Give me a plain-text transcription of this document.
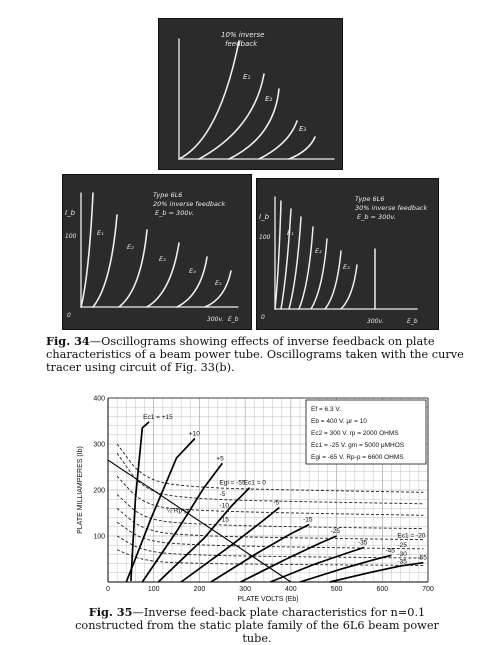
10% inverse
feedback
E₁
E₂
E₃
Type 6L6
20% inverse feedback
E_b = 300v.
I_b
100
0
300v. E_b
E₁
E₂
E₃
E₄
E₅
Type 6L6
30% inverse feedback
E_b = 300v.
I_b
100
0
300v.	E_b
E₁
E₂
E₃
Fig. 34—Oscillograms showing effects of inverse feedback on plate characteristics of a beam power tube. Oscillograms taken with the curve tracer using circuit of Fig. 33(b).
½ Rp-p
0	100	200	300	400	500	600	700
100
200
300
400
PLATE VOLTS (Eb)
PLATE MILLIAMPERES (Ib)
Ec1 = +15
+10
+5
Ec1 = 0
-5
-15
-25
-35
-45
-55
Egi = -55
-5
-10
-15
Ec1 = -20
-25
-30
-35
Ef = 6.3 V.
Eb = 400 V. μr = 10
Ec2 = 300 V. rp = 2000 OHMS
Ec1 = -25 V. gm = 5000 μMHOS
Egi = -65 V. Rp-p = 6600 OHMS
Fig. 35—Inverse feed-back plate characteristics for n=0.1 constructed from the static plate family of the 6L6 beam power tube.
